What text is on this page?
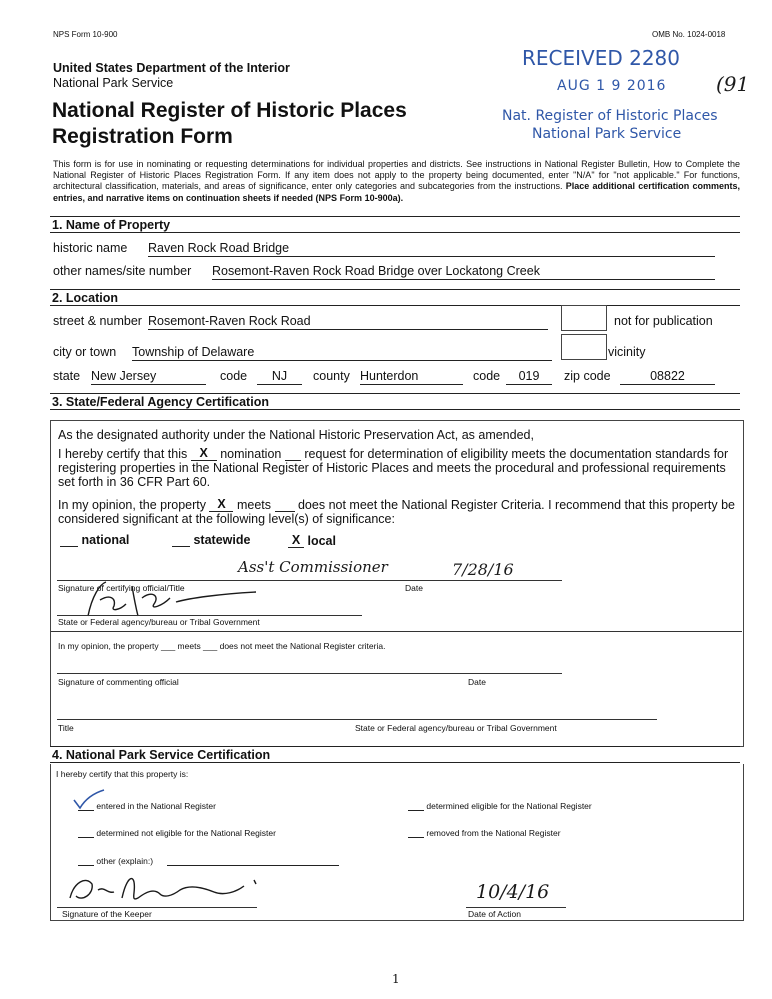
NPS Form 10-900	OMB No. 1024-0018
United States Department of the Interior
National Park Service
National Register of Historic Places
Registration Form
RECEIVED 2280
AUG 1 9 2016 (91
Nat. Register of Historic Places
National Park Service
This form is for use in nominating or requesting determinations for individual properties and districts. See instructions in National Register Bulletin, How to Complete the National Register of Historic Places Registration Form. If any item does not apply to the property being documented, enter "N/A" for "not applicable." For functions, architectural classification, materials, and areas of significance, enter only categories and subcategories from the instructions. Place additional certification comments, entries, and narrative items on continuation sheets if needed (NPS Form 10-900a).
1. Name of Property
historic name Raven Rock Road Bridge
other names/site number Rosemont-Raven Rock Road Bridge over Lockatong Creek
2. Location
street & number Rosemont-Raven Rock Road	not for publication
city or town Township of Delaware	vicinity
state New Jersey	code	NJ	county Hunterdon	code	019	zip code	08822
3. State/Federal Agency Certification
As the designated authority under the National Historic Preservation Act, as amended,
I hereby certify that this X nomination request for determination of eligibility meets the documentation standards for registering properties in the National Register of Historic Places and meets the procedural and professional requirements set forth in 36 CFR Part 60.
In my opinion, the property X meets does not meet the National Register Criteria. I recommend that this property be considered significant at the following level(s) of significance:
national	statewide	X local
Ass't Commissioner	7/28/16
Signature of certifying official/Title	Date
State or Federal agency/bureau or Tribal Government
In my opinion, the property ___ meets ___ does not meet the National Register criteria.
Signature of commenting official	Date
Title	State or Federal agency/bureau or Tribal Government
4. National Park Service Certification
I hereby certify that this property is:
entered in the National Register	determined eligible for the National Register
determined not eligible for the National Register	removed from the National Register
other (explain:)
10/4/16
Signature of the Keeper	Date of Action
1
